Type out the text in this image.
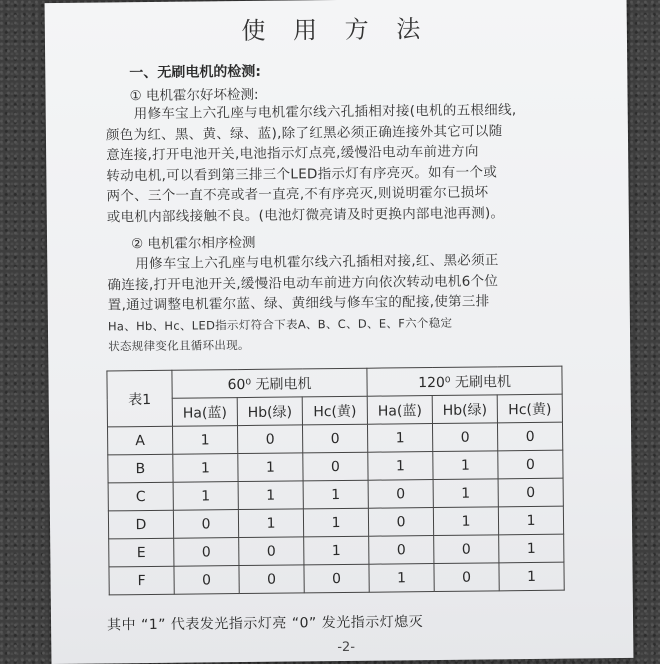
使 用 方 法
一、无刷电机的检测:
① 电机霍尔好坏检测:
用修车宝上六孔座与电机霍尔线六孔插相对接(电机的五根细线,
颜色为红、黑、黄、绿、蓝),除了红黑必须正确连接外其它可以随
意连接,打开电池开关,电池指示灯点亮,缓慢沿电动车前进方向
转动电机,可以看到第三排三个LED指示灯有序亮灭。如有一个或
两个、三个一直不亮或者一直亮,不有序亮灭,则说明霍尔已损坏
或电机内部线接触不良。(电池灯微亮请及时更换内部电池再测)。
② 电机霍尔相序检测
用修车宝上六孔座与电机霍尔线六孔插相对接,红、黑必须正
确连接,打开电池开关,缓慢沿电动车前进方向依次转动电机6个位
置,通过调整电机霍尔蓝、绿、黄细线与修车宝的配接,使第三排
Ha、Hb、Hc、LED指示灯符合下表A、B、C、D、E、F六个稳定
状态规律变化且循环出现。
表1	60⁰ 无刷电机			120⁰ 无刷电机		
	Ha(蓝)	Hb(绿)	Hc(黄)	Ha(蓝)	Hb(绿)	Hc(黄)
A	1	0	0	1	0	0
B	1	1	0	1	1	0
C	1	1	1	0	1	0
D	0	1	1	0	1	1
E	0	0	1	0	0	1
F	0	0	0	1	0	1
其中 “1” 代表发光指示灯亮 “0” 发光指示灯熄灭
-2-
